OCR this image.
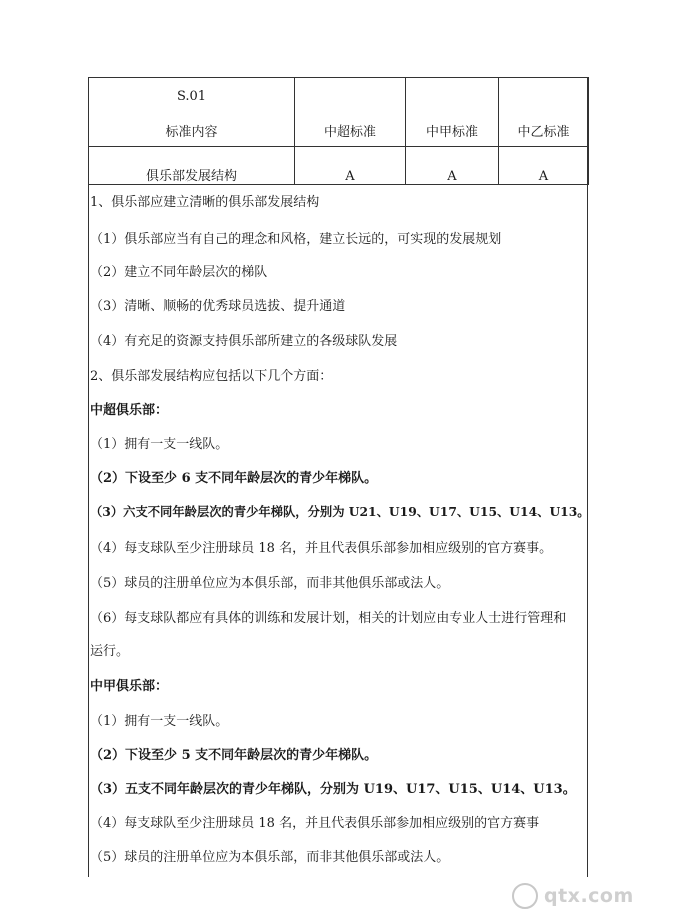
S.01
标准内容	中超标准	中甲标准	中乙标准

俱乐部发展结构	A	A	A
1、俱乐部应建立清晰的俱乐部发展结构
（1）俱乐部应当有自己的理念和风格，建立长远的，可实现的发展规划
（2）建立不同年龄层次的梯队
（3）清晰、顺畅的优秀球员选拔、提升通道
（4）有充足的资源支持俱乐部所建立的各级球队发展
2、俱乐部发展结构应包括以下几个方面：
中超俱乐部：
（1）拥有一支一线队。
（2）下设至少 6 支不同年龄层次的青少年梯队。
（3）六支不同年龄层次的青少年梯队，分别为 U21、U19、U17、U15、U14、U13。
（4）每支球队至少注册球员 18 名，并且代表俱乐部参加相应级别的官方赛事。
（5）球员的注册单位应为本俱乐部，而非其他俱乐部或法人。
（6）每支球队都应有具体的训练和发展计划，相关的计划应由专业人士进行管理和
运行。
中甲俱乐部：
（1）拥有一支一线队。
（2）下设至少 5 支不同年龄层次的青少年梯队。
（3）五支不同年龄层次的青少年梯队，分别为 U19、U17、U15、U14、U13。
（4）每支球队至少注册球员 18 名，并且代表俱乐部参加相应级别的官方赛事
（5）球员的注册单位应为本俱乐部，而非其他俱乐部或法人。
qtx.com
